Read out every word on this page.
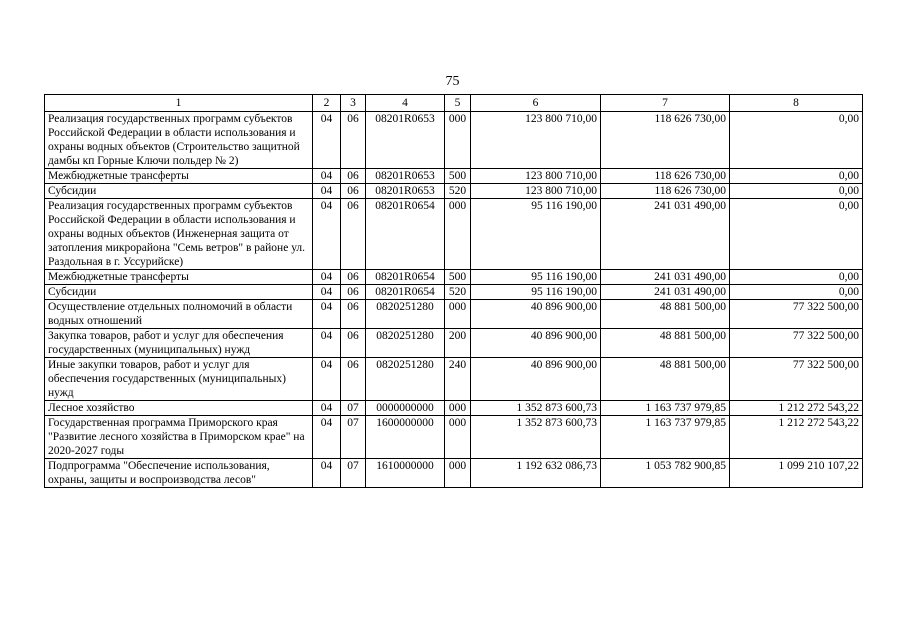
75
1	2	3	4	5	6	7	8
Реализация государственных программ субъектов Российской Федерации в области использования и охраны водных объектов (Строительство защитной дамбы кп Горные Ключи польдер № 2)	04	06	08201R0653	000	123 800 710,00	118 626 730,00	0,00
Межбюджетные трансферты	04	06	08201R0653	500	123 800 710,00	118 626 730,00	0,00
Субсидии	04	06	08201R0653	520	123 800 710,00	118 626 730,00	0,00
Реализация государственных программ субъектов Российской Федерации в области использования и охраны водных объектов (Инженерная защита от затопления микрорайона "Семь ветров" в районе ул. Раздольная в г. Уссурийске)	04	06	08201R0654	000	95 116 190,00	241 031 490,00	0,00
Межбюджетные трансферты	04	06	08201R0654	500	95 116 190,00	241 031 490,00	0,00
Субсидии	04	06	08201R0654	520	95 116 190,00	241 031 490,00	0,00
Осуществление отдельных полномочий в области водных отношений	04	06	0820251280	000	40 896 900,00	48 881 500,00	77 322 500,00
Закупка товаров, работ и услуг для обеспечения государственных (муниципальных) нужд	04	06	0820251280	200	40 896 900,00	48 881 500,00	77 322 500,00
Иные закупки товаров, работ и услуг для обеспечения государственных (муниципальных) нужд	04	06	0820251280	240	40 896 900,00	48 881 500,00	77 322 500,00
Лесное хозяйство	04	07	0000000000	000	1 352 873 600,73	1 163 737 979,85	1 212 272 543,22
Государственная программа Приморского края "Развитие лесного хозяйства в Приморском крае" на 2020-2027 годы	04	07	1600000000	000	1 352 873 600,73	1 163 737 979,85	1 212 272 543,22
Подпрограмма "Обеспечение использования, охраны, защиты и воспроизводства лесов"	04	07	1610000000	000	1 192 632 086,73	1 053 782 900,85	1 099 210 107,22
